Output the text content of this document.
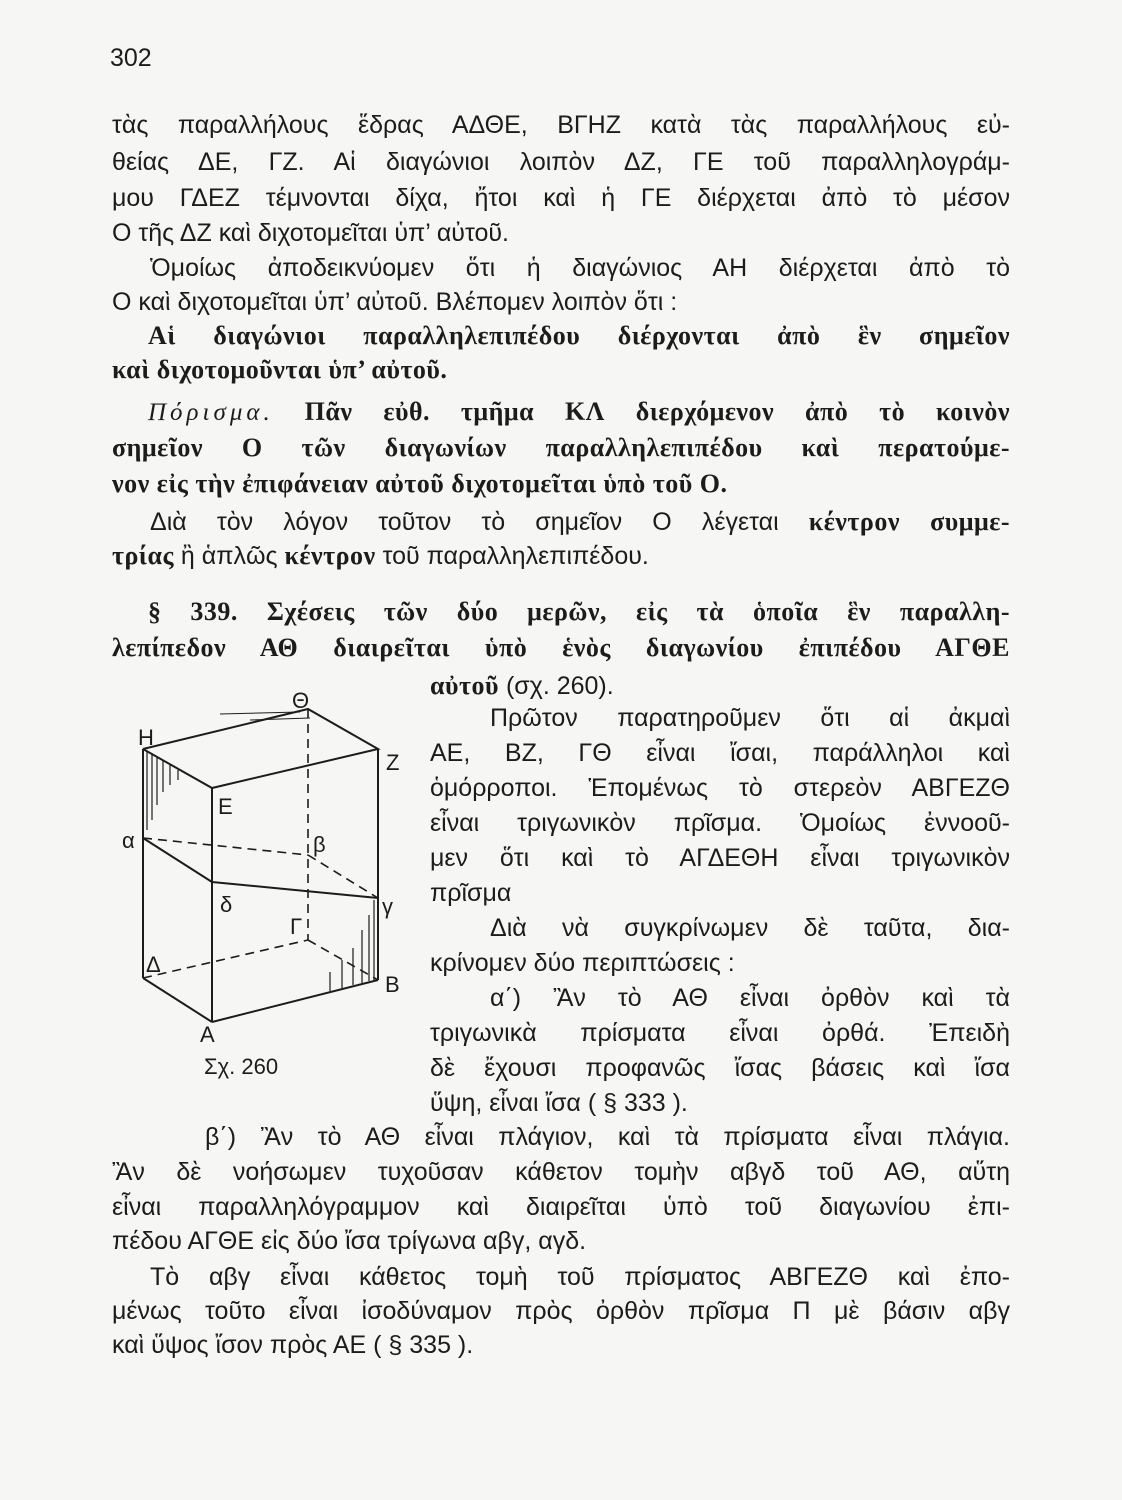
302
τὰς παραλλήλους ἕδρας ΑΔΘΕ, ΒΓΗΖ κατὰ τὰς παραλλήλους εὐ-
θείας ΔΕ, ΓΖ. Αἱ διαγώνιοι λοιπὸν ΔΖ, ΓΕ τοῦ παραλληλογράμ-
μου ΓΔΕΖ τέμνονται δίχα, ἤτοι καὶ ἡ ΓΕ διέρχεται ἀπὸ τὸ μέσον
Ο τῆς ΔΖ καὶ διχοτομεῖται ὑπ’ αὐτοῦ.
Ὁμοίως ἀποδεικνύομεν ὅτι ἡ διαγώνιος ΑΗ διέρχεται ἀπὸ τὸ
Ο καὶ διχοτομεῖται ὑπ’ αὐτοῦ. Βλέπομεν λοιπὸν ὅτι :
Αἱ διαγώνιοι παραλληλεπιπέδου διέρχονται ἀπὸ ἓν σημεῖον
καὶ διχοτομοῦνται ὑπ’ αὐτοῦ.
Πόρισμα. Πᾶν εὐθ. τμῆμα ΚΛ διερχόμενον ἀπὸ τὸ κοινὸν
σημεῖον Ο τῶν διαγωνίων παραλληλεπιπέδου καὶ περατούμε-
νον εἰς τὴν ἐπιφάνειαν αὐτοῦ διχοτομεῖται ὑπὸ τοῦ Ο.
Διὰ τὸν λόγον τοῦτον τὸ σημεῖον Ο λέγεται κέντρον συμμε-
τρίας ἢ ἁπλῶς κέντρον τοῦ παραλληλεπιπέδου.
§ 339. Σχέσεις τῶν δύο μερῶν, εἰς τὰ ὁποῖα ἓν παραλλη-
λεπίπεδον ΑΘ διαιρεῖται ὑπὸ ἑνὸς διαγωνίου ἐπιπέδου ΑΓΘΕ
αὐτοῦ (σχ. 260).
Πρῶτον παρατηροῦμεν ὅτι αἱ ἀκμαὶ
ΑΕ, ΒΖ, ΓΘ εἶναι ἴσαι, παράλληλοι καὶ
ὁμόρροποι. Ἑπομένως τὸ στερεὸν ΑΒΓΕΖΘ
εἶναι τριγωνικὸν πρῖσμα. Ὁμοίως ἐννοοῦ-
μεν ὅτι καὶ τὸ ΑΓΔΕΘΗ εἶναι τριγωνικὸν
πρῖσμα
Διὰ νὰ συγκρίνωμεν δὲ ταῦτα, δια-
κρίνομεν δύο περιπτώσεις :
α΄) Ἂν τὸ ΑΘ εἶναι ὀρθὸν καὶ τὰ
τριγωνικὰ πρίσματα εἶναι ὀρθά. Ἐπειδὴ
δὲ ἔχουσι προφανῶς ἴσας βάσεις καὶ ἴσα
ὕψη, εἶναι ἴσα ( § 333 ).
β΄) Ἂν τὸ ΑΘ εἶναι πλάγιον, καὶ τὰ πρίσματα εἶναι πλάγια.
Ἂν δὲ νοήσωμεν τυχοῦσαν κάθετον τομὴν αβγδ τοῦ ΑΘ, αὕτη
εἶναι παραλληλόγραμμον καὶ διαιρεῖται ὑπὸ τοῦ διαγωνίου ἐπι-
πέδου ΑΓΘΕ εἰς δύο ἴσα τρίγωνα αβγ, αγδ.
Τὸ αβγ εἶναι κάθετος τομὴ τοῦ πρίσματος ΑΒΓΕΖΘ καὶ ἐπο-
μένως τοῦτο εἶναι ἰσοδύναμον πρὸς ὀρθὸν πρῖσμα Π μὲ βάσιν αβγ
καὶ ὕψος ἴσον πρὸς ΑΕ ( § 335 ).
Η
Θ
Ζ
Ε
α	β
δ	γ
Γ
Δ
Β
Α
Σχ. 260
